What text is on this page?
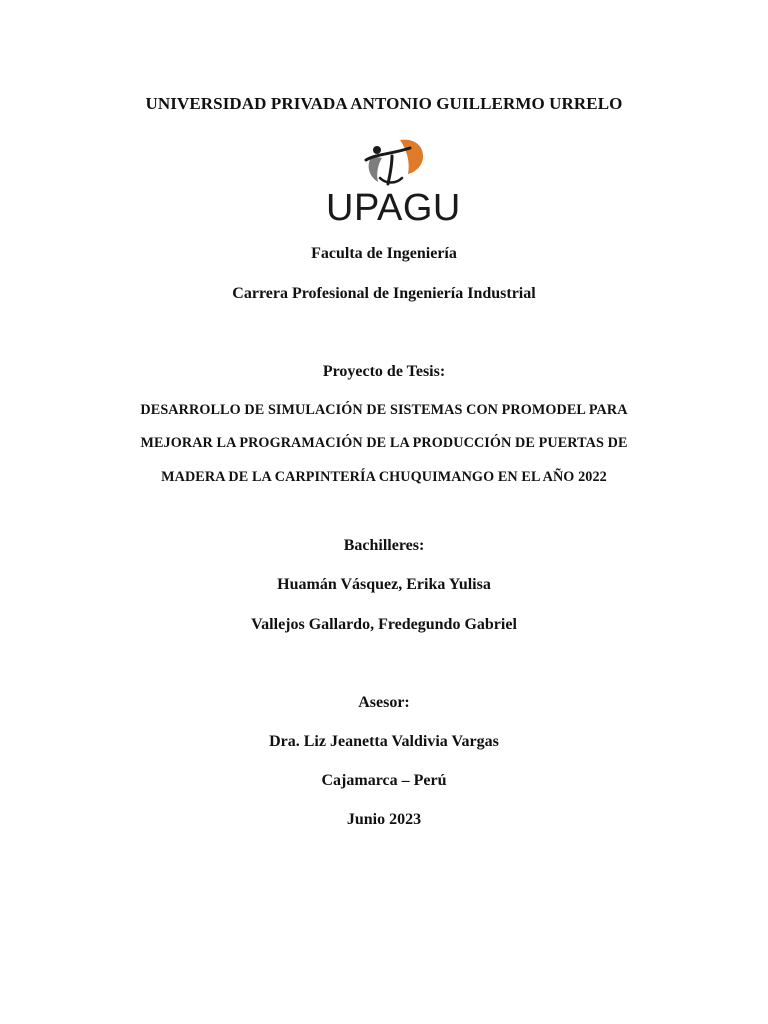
UNIVERSIDAD PRIVADA ANTONIO GUILLERMO URRELO
UPAGU
Faculta de Ingeniería
Carrera Profesional de Ingeniería Industrial
Proyecto de Tesis:
DESARROLLO DE SIMULACIÓN DE SISTEMAS CON PROMODEL PARA
MEJORAR LA PROGRAMACIÓN DE LA PRODUCCIÓN DE PUERTAS DE
MADERA DE LA CARPINTERÍA CHUQUIMANGO EN EL AÑO 2022
Bachilleres:
Huamán Vásquez, Erika Yulisa
Vallejos Gallardo, Fredegundo Gabriel
Asesor:
Dra. Liz Jeanetta Valdivia Vargas
Cajamarca – Perú
Junio 2023
